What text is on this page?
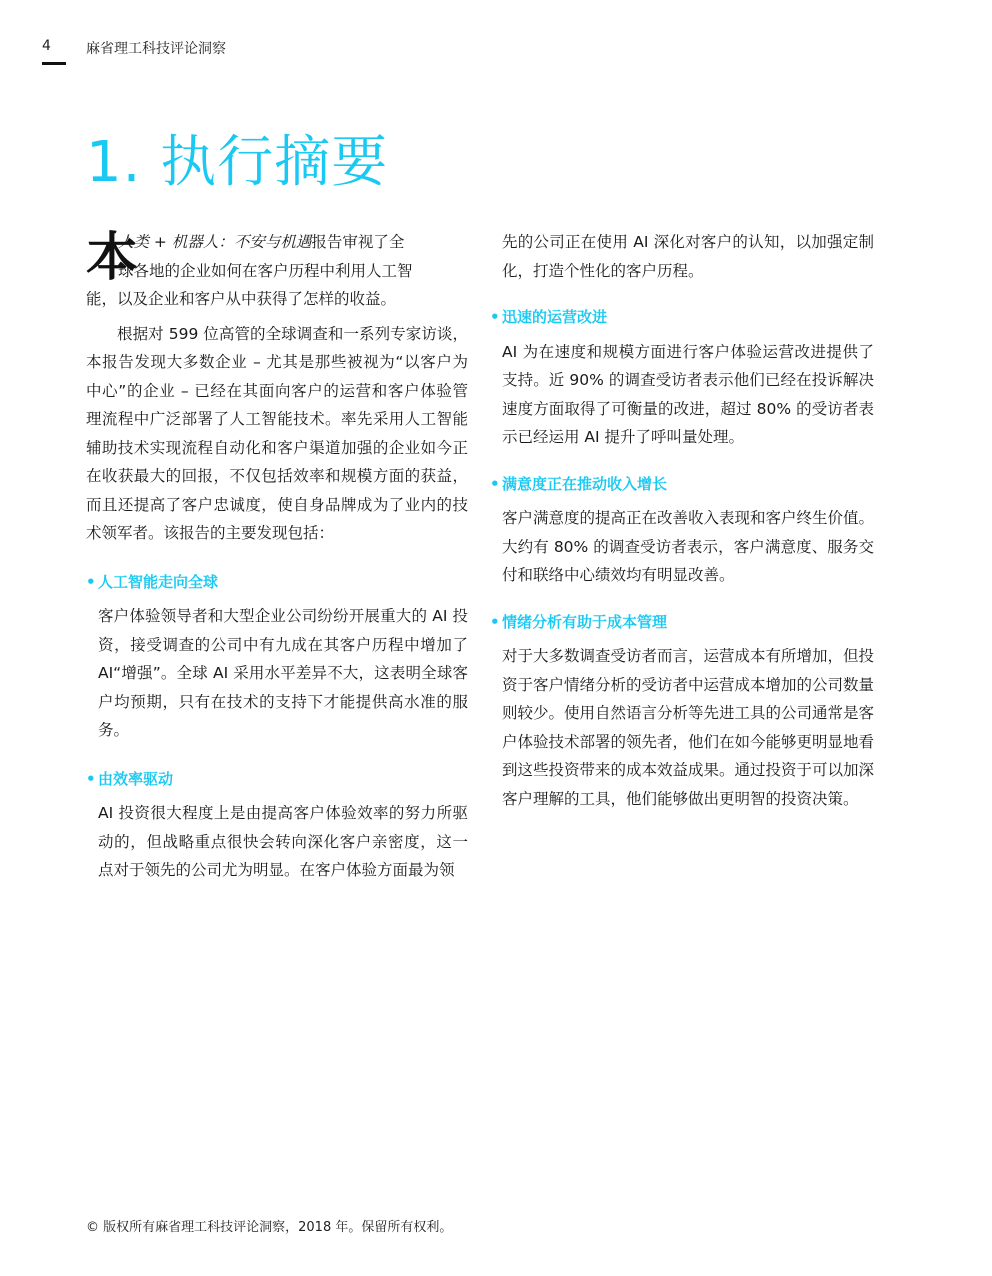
4	麻省理工科技评论洞察
1. 执行摘要

本
人类 + 机器人：不安与机遇报告审视了全
球各地的企业如何在客户历程中利用人工智
能，以及企业和客户从中获得了怎样的收益。

根据对 599 位高管的全球调查和一系列专家访谈，本报告发现大多数企业 – 尤其是那些被视为“以客户为中心”的企业 – 已经在其面向客户的运营和客户体验管理流程中广泛部署了人工智能技术。率先采用人工智能辅助技术实现流程自动化和客户渠道加强的企业如今正在收获最大的回报，不仅包括效率和规模方面的获益，而且还提高了客户忠诚度，使自身品牌成为了业内的技术领军者。该报告的主要发现包括：

• 人工智能走向全球

客户体验领导者和大型企业公司纷纷开展重大的 AI 投资，接受调查的公司中有九成在其客户历程中增加了 AI“增强”。全球 AI 采用水平差异不大，这表明全球客户均预期，只有在技术的支持下才能提供高水准的服务。

• 由效率驱动

AI 投资很大程度上是由提高客户体验效率的努力所驱动的，但战略重点很快会转向深化客户亲密度，这一点对于领先的公司尤为明显。在客户体验方面最为领

先的公司正在使用 AI 深化对客户的认知，以加强定制化，打造个性化的客户历程。

• 迅速的运营改进

AI 为在速度和规模方面进行客户体验运营改进提供了支持。近 90% 的调查受访者表示他们已经在投诉解决速度方面取得了可衡量的改进，超过 80% 的受访者表示已经运用 AI 提升了呼叫量处理。

• 满意度正在推动收入增长

客户满意度的提高正在改善收入表现和客户终生价值。大约有 80% 的调查受访者表示，客户满意度、服务交付和联络中心绩效均有明显改善。

• 情绪分析有助于成本管理

对于大多数调查受访者而言，运营成本有所增加，但投资于客户情绪分析的受访者中运营成本增加的公司数量则较少。使用自然语言分析等先进工具的公司通常是客户体验技术部署的领先者，他们在如今能够更明显地看到这些投资带来的成本效益成果。通过投资于可以加深客户理解的工具，他们能够做出更明智的投资决策。

© 版权所有麻省理工科技评论洞察，2018 年。保留所有权利。
